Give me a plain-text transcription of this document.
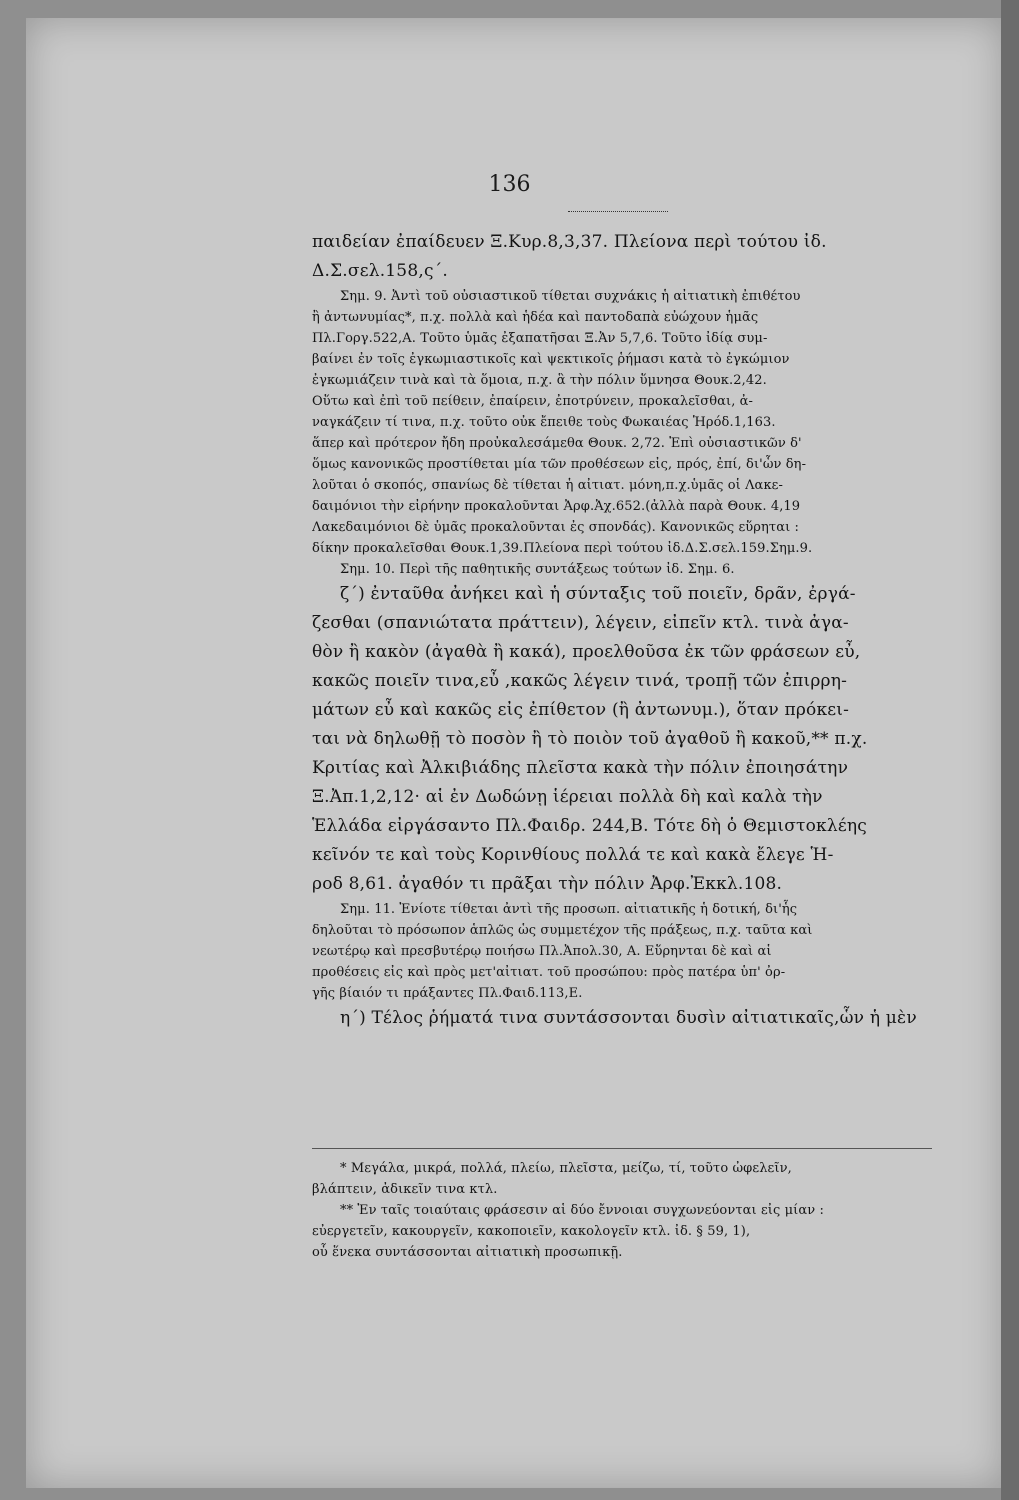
136
παιδείαν ἐπαίδευεν Ξ.Κυρ.8,3,37. Πλείονα περὶ τούτου ἰδ.
Δ.Σ.σελ.158,ς΄.
Σημ. 9. Ἀντὶ τοῦ οὐσιαστικοῦ τίθεται συχνάκις ἡ αἰτιατικὴ ἐπιθέτου
ἢ ἀντωνυμίας*, π.χ. πολλὰ καὶ ἡδέα καὶ παντοδαπὰ εὐώχουν ἡμᾶς
Πλ.Γοργ.522,Α. Τοῦτο ὑμᾶς ἐξαπατῆσαι Ξ.Ἀν 5,7,6. Τοῦτο ἰδίᾳ συμ-
βαίνει ἐν τοῖς ἐγκωμιαστικοῖς καὶ ψεκτικοῖς ῥήμασι κατὰ τὸ ἐγκώμιον
ἐγκωμιάζειν τινὰ καὶ τὰ ὅμοια, π.χ. ἃ τὴν πόλιν ὕμνησα Θουκ.2,42.
Οὕτω καὶ ἐπὶ τοῦ πείθειν, ἐπαίρειν, ἐποτρύνειν, προκαλεῖσθαι, ἀ-
ναγκάζειν τί τινα, π.χ. τοῦτο οὐκ ἔπειθε τοὺς Φωκαιέας Ἡρόδ.1,163.
ἅπερ καὶ πρότερον ἤδη προὐκαλεσάμεθα Θουκ. 2,72. Ἐπὶ οὐσιαστικῶν δ'
ὅμως κανονικῶς προστίθεται μία τῶν προθέσεων εἰς, πρός, ἐπί, δι'ὧν δη-
λοῦται ὁ σκοπός, σπανίως δὲ τίθεται ἡ αἰτιατ. μόνη,π.χ.ὑμᾶς οἱ Λακε-
δαιμόνιοι τὴν εἰρήνην προκαλοῦνται Ἀρφ.Ἀχ.652.(ἀλλὰ παρὰ Θουκ. 4,19
Λακεδαιμόνιοι δὲ ὑμᾶς προκαλοῦνται ἐς σπονδάς). Κανονικῶς εὕρηται :
δίκην προκαλεῖσθαι Θουκ.1,39.Πλείονα περὶ τούτου ἰδ.Δ.Σ.σελ.159.Σημ.9.
Σημ. 10. Περὶ τῆς παθητικῆς συντάξεως τούτων ἰδ. Σημ. 6.
ζ΄) ἐνταῦθα ἀνήκει καὶ ἡ σύνταξις τοῦ ποιεῖν, δρᾶν, ἐργά-
ζεσθαι (σπανιώτατα πράττειν), λέγειν, εἰπεῖν κτλ. τινὰ ἀγα-
θὸν ἢ κακὸν (ἀγαθὰ ἢ κακά), προελθοῦσα ἐκ τῶν φράσεων εὖ,
κακῶς ποιεῖν τινα,εὖ ,κακῶς λέγειν τινά, τροπῇ τῶν ἐπιρρη-
μάτων εὖ καὶ κακῶς εἰς ἐπίθετον (ἢ ἀντωνυμ.), ὅταν πρόκει-
ται νὰ δηλωθῇ τὸ ποσὸν ἢ τὸ ποιὸν τοῦ ἀγαθοῦ ἢ κακοῦ,** π.χ.
Κριτίας καὶ Ἀλκιβιάδης πλεῖστα κακὰ τὴν πόλιν ἐποιησάτην
Ξ.Ἀπ.1,2,12· αἱ ἐν Δωδώνῃ ἱέρειαι πολλὰ δὴ καὶ καλὰ τὴν
Ἑλλάδα εἰργάσαντο Πλ.Φαιδρ. 244,Β. Τότε δὴ ὁ Θεμιστοκλέης
κεῖνόν τε καὶ τοὺς Κορινθίους πολλά τε καὶ κακὰ ἔλεγε Ἡ-
ροδ 8,61. ἀγαθόν τι πρᾶξαι τὴν πόλιν Ἀρφ.Ἐκκλ.108.
Σημ. 11. Ἐνίοτε τίθεται ἀντὶ τῆς προσωπ. αἰτιατικῆς ἡ δοτική, δι'ἧς
δηλοῦται τὸ πρόσωπον ἁπλῶς ὡς συμμετέχον τῆς πράξεως, π.χ. ταῦτα καὶ
νεωτέρῳ καὶ πρεσβυτέρῳ ποιήσω Πλ.Ἀπολ.30, Α. Εὕρηνται δὲ καὶ αἱ
προθέσεις εἰς καὶ πρὸς μετ'αἰτιατ. τοῦ προσώπου: πρὸς πατέρα ὑπ' ὀρ-
γῆς βίαιόν τι πράξαντες Πλ.Φαιδ.113,Ε.
η΄) Τέλος ῥήματά τινα συντάσσονται δυσὶν αἰτιατικαῖς,ὧν ἡ μὲν
* Μεγάλα, μικρά, πολλά, πλείω, πλεῖστα, μείζω, τί, τοῦτο ὠφελεῖν,
βλάπτειν, ἀδικεῖν τινα κτλ.
** Ἐν ταῖς τοιαύταις φράσεσιν αἱ δύο ἔννοιαι συγχωνεύονται εἰς μίαν :
εὐεργετεῖν, κακουργεῖν, κακοποιεῖν, κακολογεῖν κτλ. ἰδ. § 59, 1),
οὗ ἕνεκα συντάσσονται αἰτιατικὴ προσωπικῇ.
